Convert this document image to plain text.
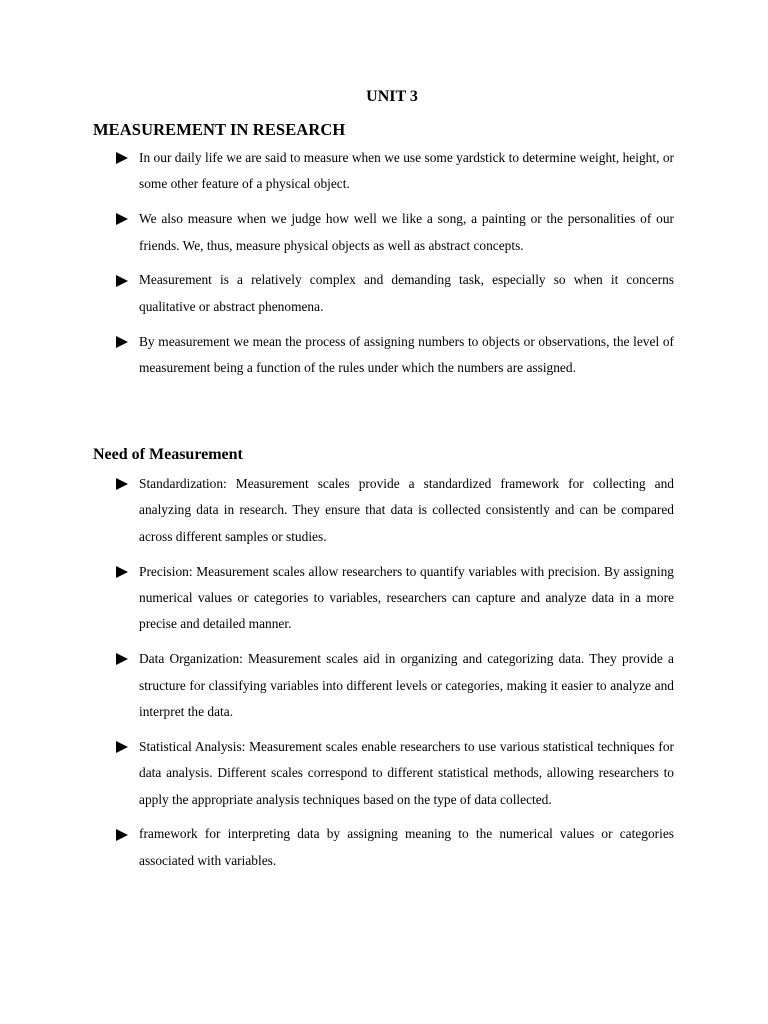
UNIT 3
MEASUREMENT IN RESEARCH
In our daily life we are said to measure when we use some yardstick to determine weight, height, or some other feature of a physical object.
We also measure when we judge how well we like a song, a painting or the personalities of our friends. We, thus, measure physical objects as well as abstract concepts.
Measurement is a relatively complex and demanding task, especially so when it concerns qualitative or abstract phenomena.
By measurement we mean the process of assigning numbers to objects or observations, the level of measurement being a function of the rules under which the numbers are assigned.
Need of Measurement
Standardization: Measurement scales provide a standardized framework for collecting and analyzing data in research. They ensure that data is collected consistently and can be compared across different samples or studies.
Precision: Measurement scales allow researchers to quantify variables with precision. By assigning numerical values or categories to variables, researchers can capture and analyze data in a more precise and detailed manner.
Data Organization: Measurement scales aid in organizing and categorizing data. They provide a structure for classifying variables into different levels or categories, making it easier to analyze and interpret the data.
Statistical Analysis: Measurement scales enable researchers to use various statistical techniques for data analysis. Different scales correspond to different statistical methods, allowing researchers to apply the appropriate analysis techniques based on the type of data collected.
framework for interpreting data by assigning meaning to the numerical values or categories associated with variables.
